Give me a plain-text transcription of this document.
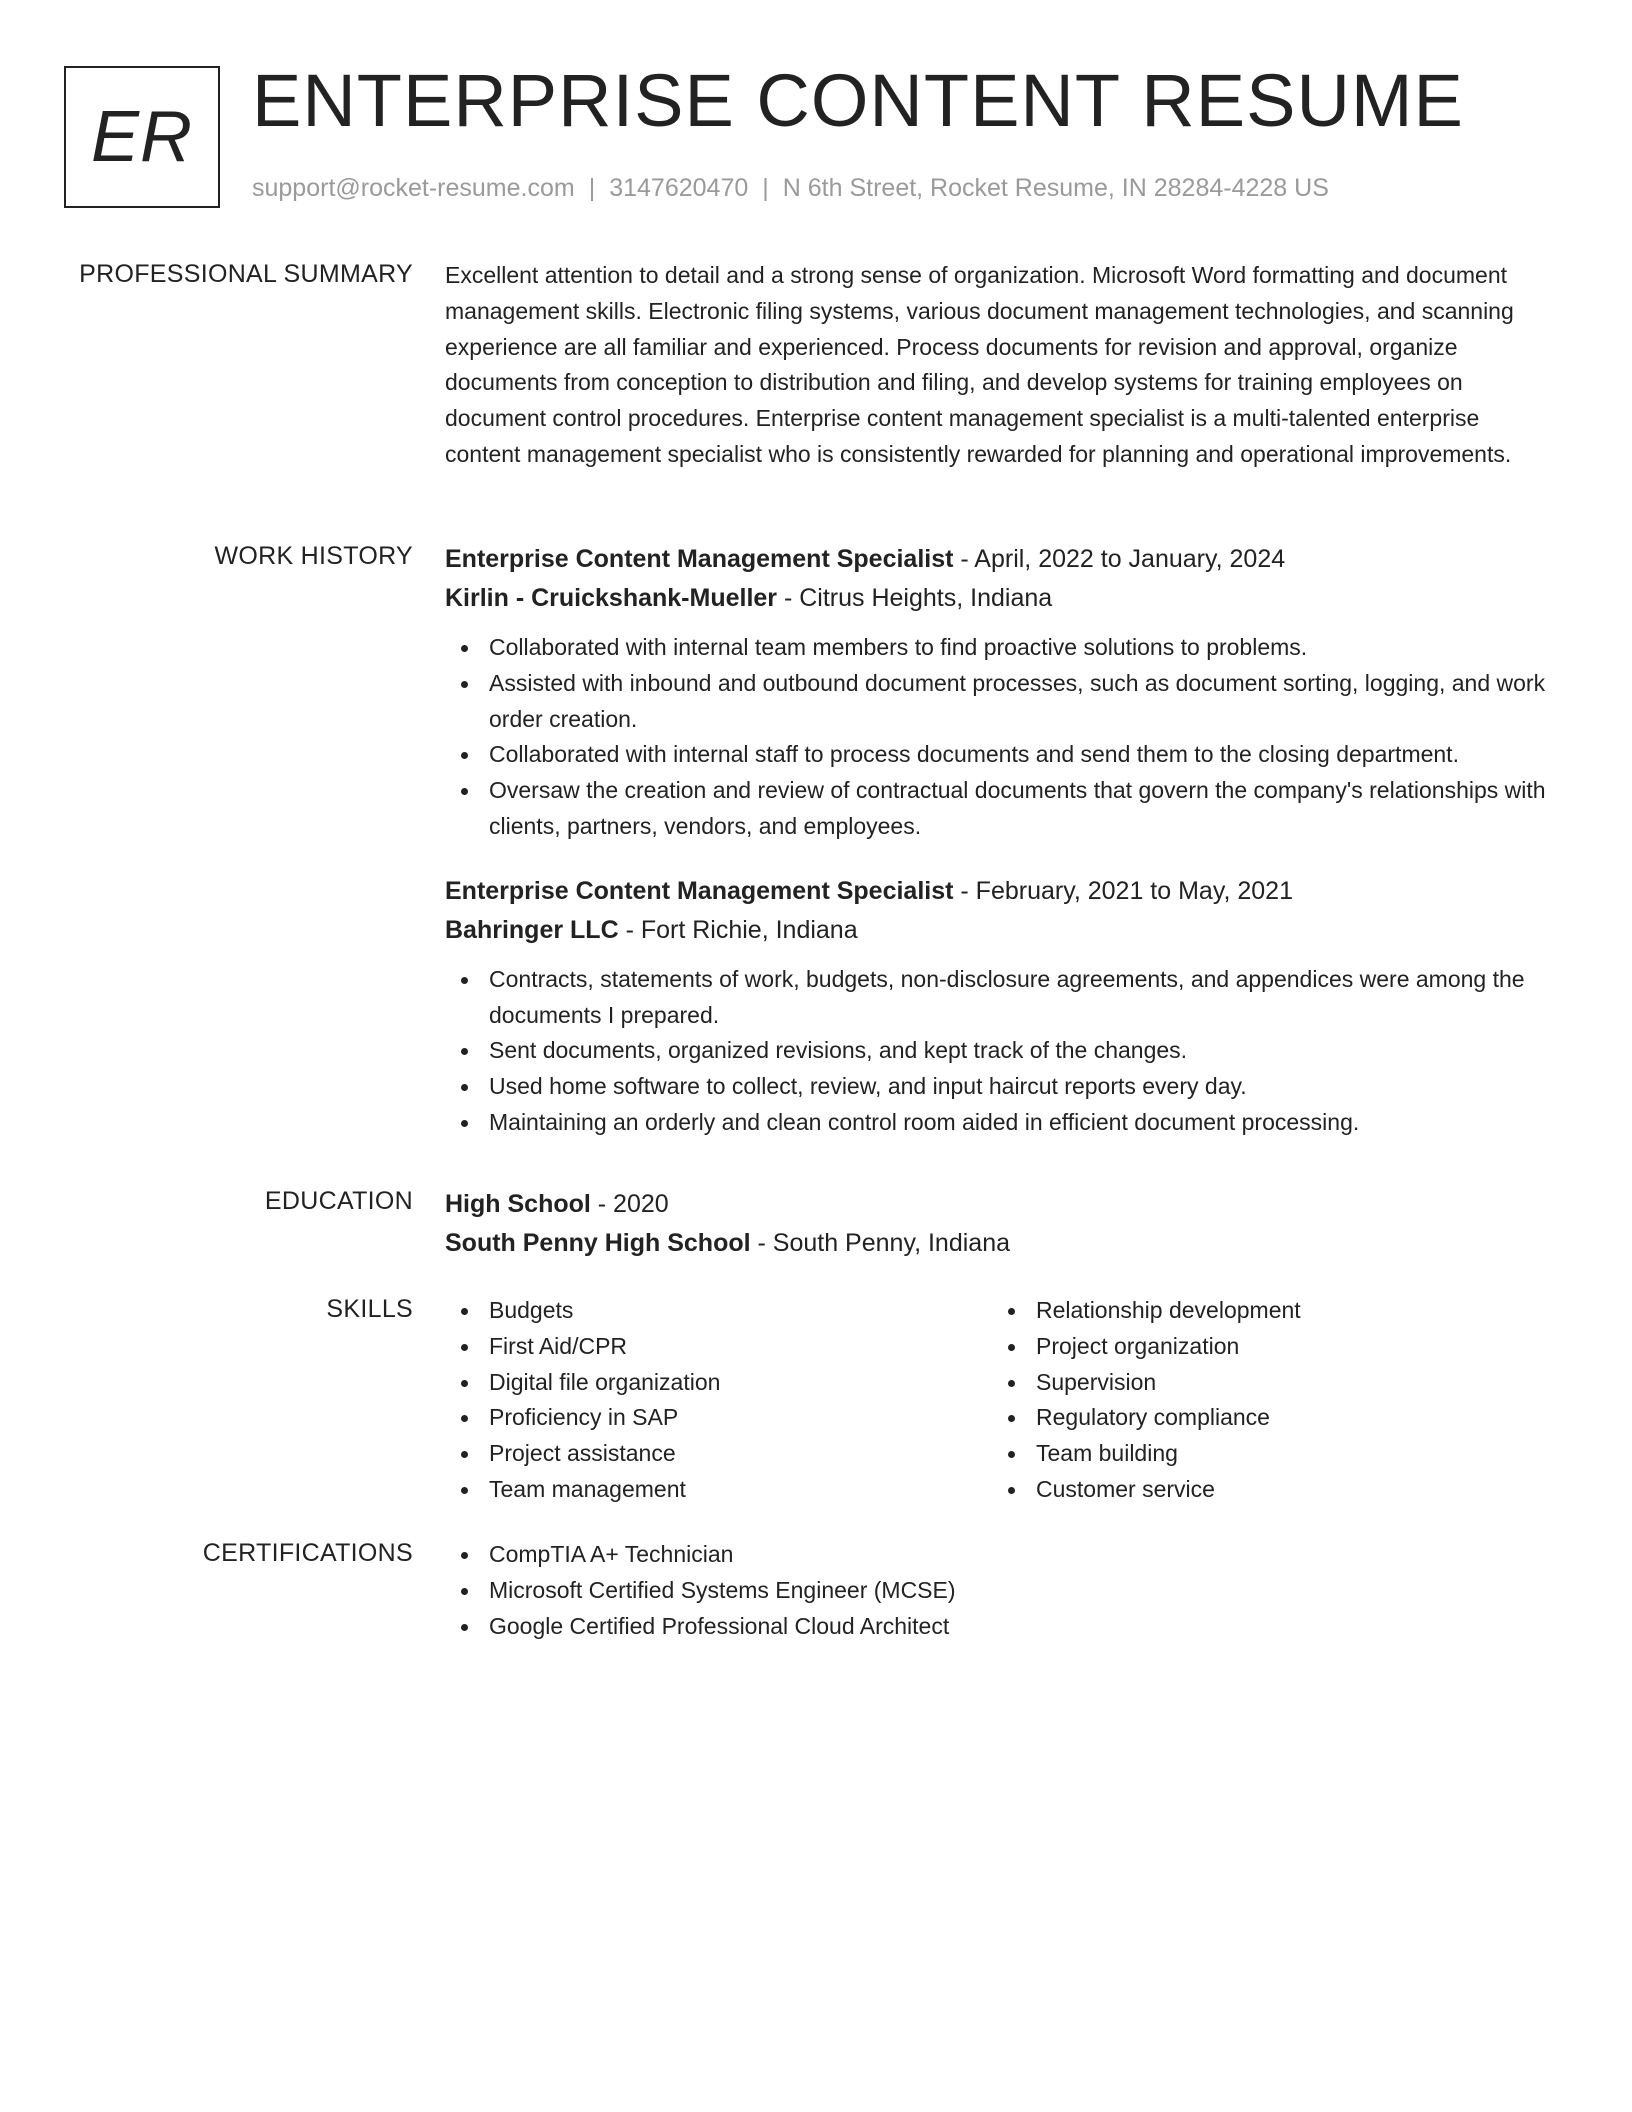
ER ENTERPRISE CONTENT RESUME
support@rocket-resume.com | 3147620470 | N 6th Street, Rocket Resume, IN 28284-4228 US
PROFESSIONAL SUMMARY Excellent attention to detail and a strong sense of organization. Microsoft Word formatting and document management skills. Electronic filing systems, various document management technologies, and scanning experience are all familiar and experienced. Process documents for revision and approval, organize documents from conception to distribution and filing, and develop systems for training employees on document control procedures. Enterprise content management specialist is a multi-talented enterprise content management specialist who is consistently rewarded for planning and operational improvements.
WORK HISTORY Enterprise Content Management Specialist - April, 2022 to January, 2024
Kirlin - Cruickshank-Mueller - Citrus Heights, Indiana
Collaborated with internal team members to find proactive solutions to problems.
Assisted with inbound and outbound document processes, such as document sorting, logging, and work order creation.
Collaborated with internal staff to process documents and send them to the closing department.
Oversaw the creation and review of contractual documents that govern the company's relationships with clients, partners, vendors, and employees.
Enterprise Content Management Specialist - February, 2021 to May, 2021
Bahringer LLC - Fort Richie, Indiana
Contracts, statements of work, budgets, non-disclosure agreements, and appendices were among the documents I prepared.
Sent documents, organized revisions, and kept track of the changes.
Used home software to collect, review, and input haircut reports every day.
Maintaining an orderly and clean control room aided in efficient document processing.
EDUCATION High School - 2020
South Penny High School - South Penny, Indiana
SKILLS	Budgets
First Aid/CPR
Digital file organization
Proficiency in SAP
Project assistance
Team management
Relationship development
Project organization
Supervision
Regulatory compliance
Team building
Customer service
CERTIFICATIONS	CompTIA A+ Technician
Microsoft Certified Systems Engineer (MCSE)
Google Certified Professional Cloud Architect
